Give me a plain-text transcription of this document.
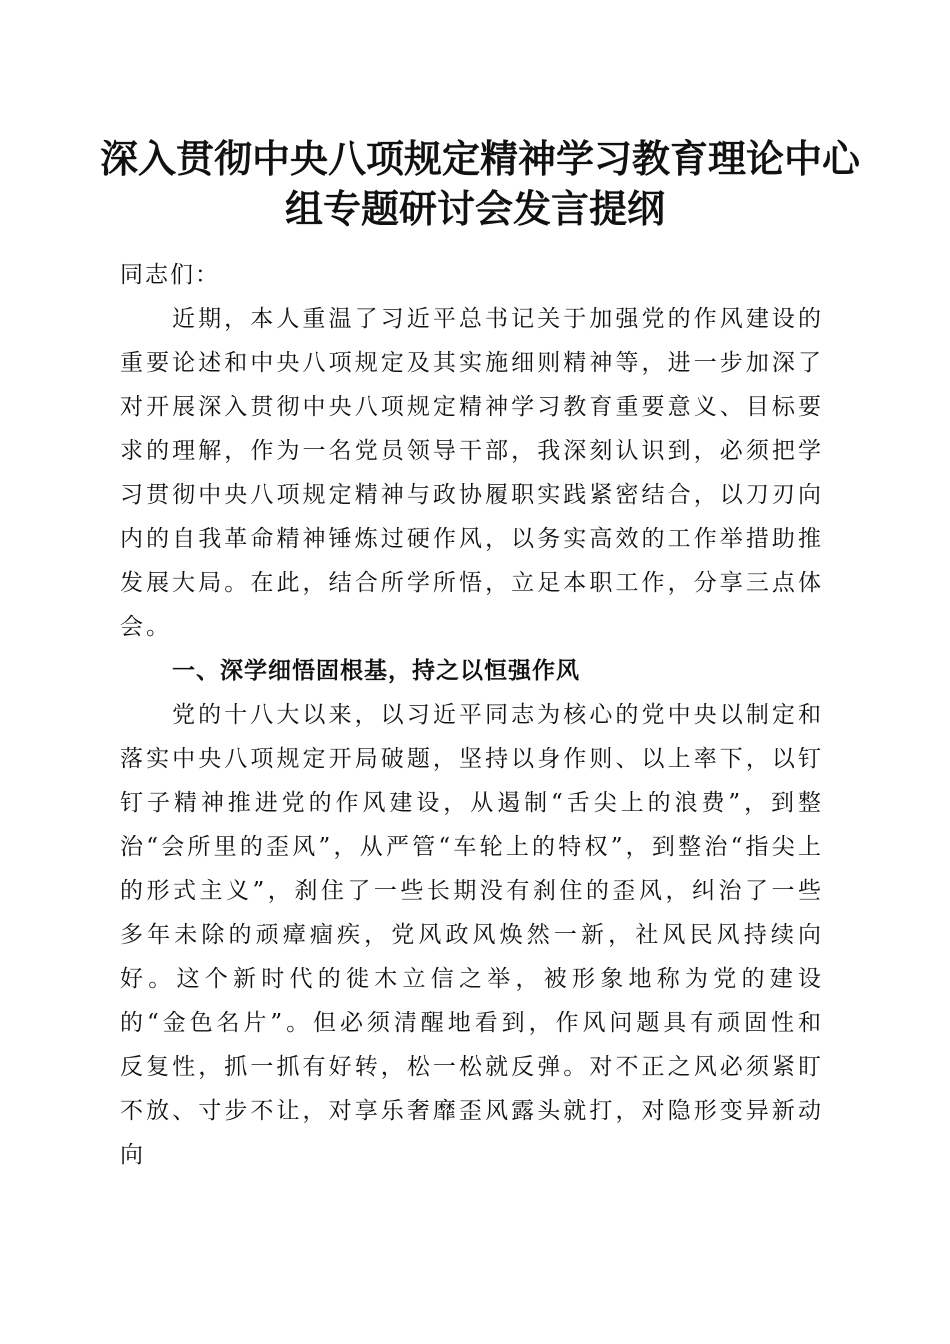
深入贯彻中央八项规定精神学习教育理论中心
组专题研讨会发言提纲

同志们：

近期，本人重温了习近平总书记关于加强党的作风建设的重要论述和中央八项规定及其实施细则精神等，进一步加深了对开展深入贯彻中央八项规定精神学习教育重要意义、目标要求的理解，作为一名党员领导干部，我深刻认识到，必须把学习贯彻中央八项规定精神与政协履职实践紧密结合，以刀刃向内的自我革命精神锤炼过硬作风，以务实高效的工作举措助推发展大局。在此，结合所学所悟，立足本职工作，分享三点体会。

一、深学细悟固根基，持之以恒强作风

党的十八大以来，以习近平同志为核心的党中央以制定和落实中央八项规定开局破题，坚持以身作则、以上率下，以钉钉子精神推进党的作风建设，从遏制“舌尖上的浪费”，到整治“会所里的歪风”，从严管“车轮上的特权”，到整治“指尖上的形式主义”，刹住了一些长期没有刹住的歪风，纠治了一些多年未除的顽瘴痼疾，党风政风焕然一新，社风民风持续向好。这个新时代的徙木立信之举，被形象地称为党的建设的“金色名片”。但必须清醒地看到，作风问题具有顽固性和反复性，抓一抓有好转，松一松就反弹。对不正之风必须紧盯不放、寸步不让，对享乐奢靡歪风露头就打，对隐形变异新动向
